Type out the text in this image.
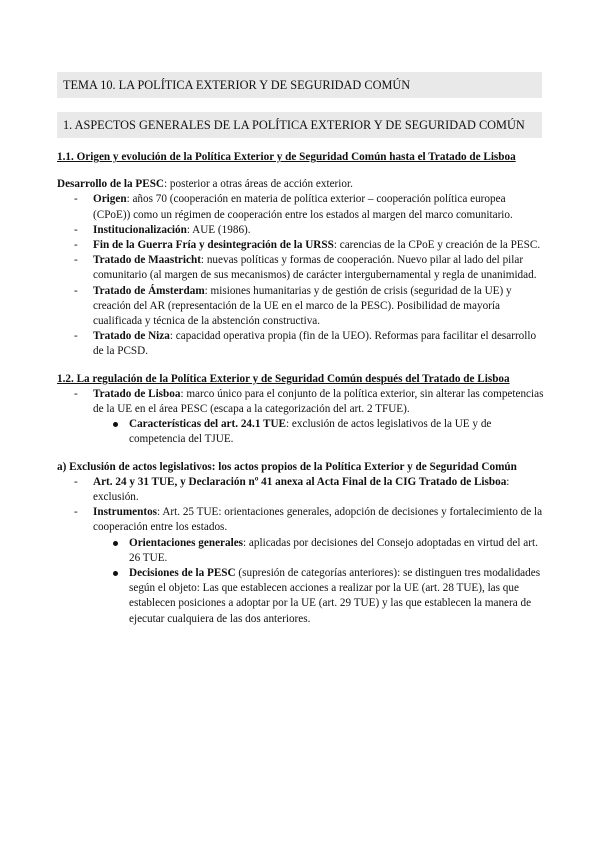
TEMA 10. LA POLÍTICA EXTERIOR Y DE SEGURIDAD COMÚN
1. ASPECTOS GENERALES DE LA POLÍTICA EXTERIOR Y DE SEGURIDAD COMÚN

1.1. Origen y evolución de la Política Exterior y de Seguridad Común hasta el Tratado de Lisboa

Desarrollo de la PESC: posterior a otras áreas de acción exterior.

- Origen: años 70 (cooperación en materia de política exterior – cooperación política europea (CPoE)) como un régimen de cooperación entre los estados al margen del marco comunitario.
- Institucionalización: AUE (1986).
- Fin de la Guerra Fría y desintegración de la URSS: carencias de la CPoE y creación de la PESC.
- Tratado de Maastricht: nuevas políticas y formas de cooperación. Nuevo pilar al lado del pilar comunitario (al margen de sus mecanismos) de carácter intergubernamental y regla de unanimidad.
- Tratado de Ámsterdam: misiones humanitarias y de gestión de crisis (seguridad de la UE) y creación del AR (representación de la UE en el marco de la PESC). Posibilidad de mayoría cualificada y técnica de la abstención constructiva.
- Tratado de Niza: capacidad operativa propia (fin de la UEO). Reformas para facilitar el desarrollo de la PCSD.

1.2. La regulación de la Política Exterior y de Seguridad Común después del Tratado de Lisboa

- Tratado de Lisboa: marco único para el conjunto de la política exterior, sin alterar las competencias de la UE en el área PESC (escapa a la categorización del art. 2 TFUE).
Características del art. 24.1 TUE: exclusión de actos legislativos de la UE y de competencia del TJUE.

a) Exclusión de actos legislativos: los actos propios de la Política Exterior y de Seguridad Común

- Art. 24 y 31 TUE, y Declaración nº 41 anexa al Acta Final de la CIG Tratado de Lisboa: exclusión.
- Instrumentos: Art. 25 TUE: orientaciones generales, adopción de decisiones y fortalecimiento de la cooperación entre los estados.
Orientaciones generales: aplicadas por decisiones del Consejo adoptadas en virtud del art. 26 TUE.
Decisiones de la PESC (supresión de categorías anteriores): se distinguen tres modalidades según el objeto: Las que establecen acciones a realizar por la UE (art. 28 TUE), las que establecen posiciones a adoptar por la UE (art. 29 TUE) y las que establecen la manera de ejecutar cualquiera de las dos anteriores.
